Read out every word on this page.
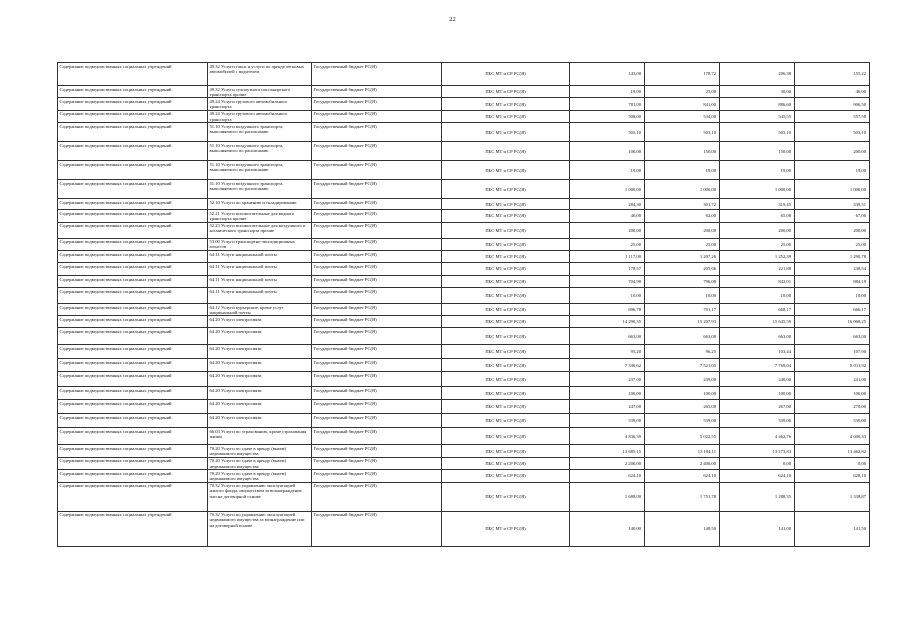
22
Содержание подведомственных социальных учреждений	49.32 Услуги такси и услуги по аренде легковых автомобилей с водителем	Государственный бюджет РС(Я)	ПБС МТ и СР РС(Я)	143,00	178,72	206,38	155,22
Содержание подведомственных социальных учреждений	49.32 Услуги сухопутного пассажирского транспорта прочие	Государственный бюджет РС(Я)	ПБС МТ и СР РС(Я)	19,00	25,00	30,00	40,00
Содержание подведомственных социальных учреждений	49.24 Услуги грузового автомобильного транспорта	Государственный бюджет РС(Я)	ПБС МТ и СР РС(Я)	781,00	841,00	886,60	906,50
Содержание подведомственных социальных учреждений	49.24 Услуги грузового автомобильного транспорта	Государственный бюджет РС(Я)	ПБС МТ и СР РС(Я)	508,00	534,00	545,55	557,58
Содержание подведомственных социальных учреждений	51.10 Услуги воздушного транспорта, выполняемого по расписанию	Государственный бюджет РС(Я)	ПБС МТ и СР РС(Я)	503,10	503,10	503,10	503,10
Содержание подведомственных социальных учреждений	51.10 Услуги воздушного транспорта, выполняемого по расписанию	Государственный бюджет РС(Я)	ПБС МТ и СР РС(Я)	100,00	150,00	150,00	200,00
Содержание подведомственных социальных учреждений	51.10 Услуги воздушного транспорта, выполняемого по расписанию	Государственный бюджет РС(Я)	ПБС МТ и СР РС(Я)	19,00	19,00	19,00	19,00
Содержание подведомственных социальных учреждений	51.10 Услуги воздушного транспорта, выполняемого по расписанию	Государственный бюджет РС(Я)	ПБС МТ и СР РС(Я)	1 000,00	1 000,00	1 000,00	1 000,00
Содержание подведомственных социальных учреждений	52.10 Услуги по хранению и складированию	Государственный бюджет РС(Я)	ПБС МТ и СР РС(Я)	284,30	301,72	319,45	339,51
Содержание подведомственных социальных учреждений	52.21 Услуги вспомогательные для водного транспорта прочие	Государственный бюджет РС(Я)	ПБС МТ и СР РС(Я)	40,00	62,00	65,00	67,00
Содержание подведомственных социальных учреждений	52.23 Услуги вспомогательные для воздушного и космического транспорта прочие	Государственный бюджет РС(Я)	ПБС МТ и СР РС(Я)	200,00	200,00	200,00	200,00
Содержание подведомственных социальных учреждений	53.00 Услуги транспортно-экспедиционных агентств	Государственный бюджет РС(Я)	ПБС МТ и СР РС(Я)	25,00	25,00	25,00	25,00
Содержание подведомственных социальных учреждений	64.11 Услуги национальной почты	Государственный бюджет РС(Я)	ПБС МТ и СР РС(Я)	1 117,00	1 207,26	1 252,39	1 290,78
Содержание подведомственных социальных учреждений	64.11 Услуги национальной почты	Государственный бюджет РС(Я)	ПБС МТ и СР РС(Я)	178,57	205,66	221,88	238,54
Содержание подведомственных социальных учреждений	64.11 Услуги национальной почты	Государственный бюджет РС(Я)	ПБС МТ и СР РС(Я)	704,98	796,08	842,01	884,19
Содержание подведомственных социальных учреждений	64.11 Услуги национальной почты	Государственный бюджет РС(Я)	ПБС МТ и СР РС(Я)	10,00	10,00	10,00	10,00
Содержание подведомственных социальных учреждений	64.12 Услуги курьерские, кроме услуг национальной почты	Государственный бюджет РС(Я)	ПБС МТ и СР РС(Я)	696,78	701,17	668,17	666,17
Содержание подведомственных социальных учреждений	64.20 Услуги электросвязи	Государственный бюджет РС(Я)	ПБС МТ и СР РС(Я)	14 290,35	15 207,93	15 645,59	16 068,25
Содержание подведомственных социальных учреждений	64.20 Услуги электросвязи	Государственный бюджет РС(Я)	ПБС МТ и СР РС(Я)	663,00	663,00	663,00	663,00
Содержание подведомственных социальных учреждений	64.20 Услуги электросвязи	Государственный бюджет РС(Я)	ПБС МТ и СР РС(Я)	95,20	96,25	103,44	107,90
Содержание подведомственных социальных учреждений	64.20 Услуги электросвязи	Государственный бюджет РС(Я)	ПБС МТ и СР РС(Я)	7 336,62	7 521,05	7 769,04	8 011,92
Содержание подведомственных социальных учреждений	64.20 Услуги электросвязи	Государственный бюджет РС(Я)	ПБС МТ и СР РС(Я)	237,00	239,00	240,00	241,00
Содержание подведомственных социальных учреждений	64.20 Услуги электросвязи	Государственный бюджет РС(Я)	ПБС МТ и СР РС(Я)	100,00	100,00	100,00	100,00
Содержание подведомственных социальных учреждений	64.20 Услуги электросвязи	Государственный бюджет РС(Я)	ПБС МТ и СР РС(Я)	247,00	265,00	267,00	270,00
Содержание подведомственных социальных учреждений	64.20 Услуги электросвязи	Государственный бюджет РС(Я)	ПБС МТ и СР РС(Я)	539,00	539,00	539,00	539,00
Содержание подведомственных социальных учреждений	66.03 Услуги по страхованию, кроме страхования жизни	Государственный бюджет РС(Я)	ПБС МТ и СР РС(Я)	4 836,39	5 022,55	4 462,76	4 600,33
Содержание подведомственных социальных учреждений	70.20 Услуги по сдаче в аренду (внаем) недвижимого имущества	Государственный бюджет РС(Я)	ПБС МТ и СР РС(Я)	13 685,15	13 104,11	13 273,83	13 462,82
Содержание подведомственных социальных учреждений	70.20 Услуги по сдаче в аренду (внаем) недвижимого имущества	Государственный бюджет РС(Я)	ПБС МТ и СР РС(Я)	2 200,00	2 400,00	0,00	0,00
Содержание подведомственных социальных учреждений	70.20 Услуги по сдаче в аренду (внаем) недвижимого имущества	Государственный бюджет РС(Я)	ПБС МТ и СР РС(Я)	624,10	624,10	624,10	628,10
Содержание подведомственных социальных учреждений	70.32 Услуги по управлению эксплуатацией жилого фонда, имуществом за вознаграждение или на договорной основе	Государственный бюджет РС(Я)	ПБС МТ и СР РС(Я)	1 688,00	1 751,78	1 288,35	1 338,87
Содержание подведомственных социальных учреждений	70.32 Услуги по управлению эксплуатацией недвижимого имущества за вознаграждение или на договорной основе	Государственный бюджет РС(Я)	ПБС МТ и СР РС(Я)	140,00	140,50	141,00	141,50
